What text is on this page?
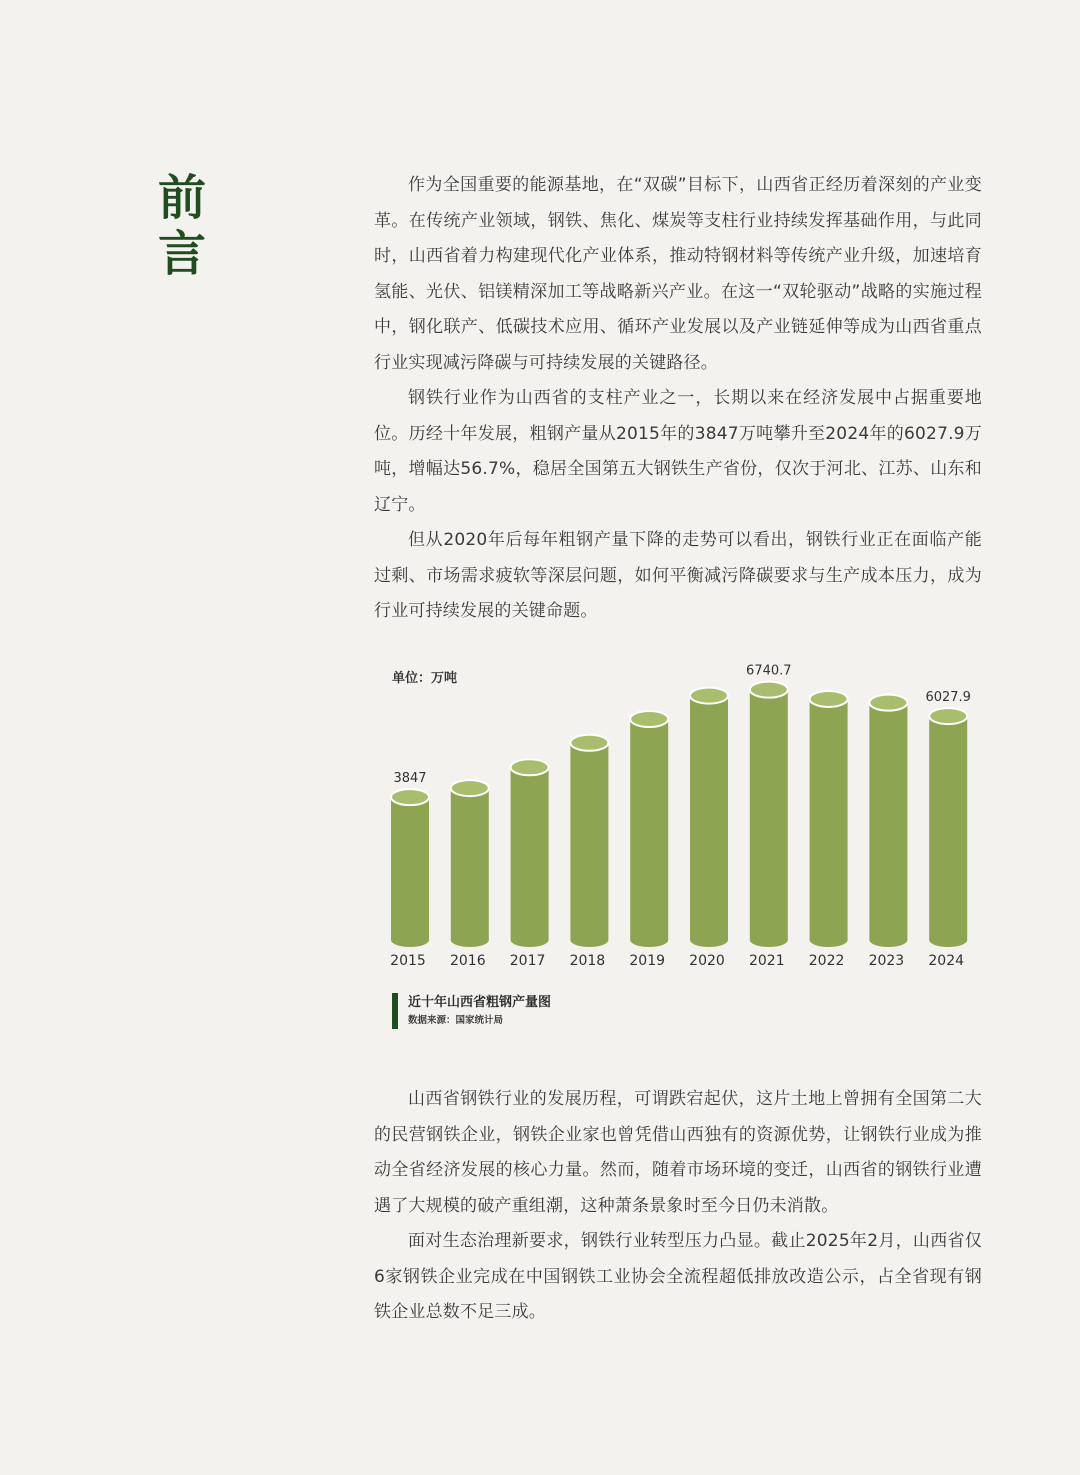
前
言

作为全国重要的能源基地，在“双碳”目标下，山西省正经历着深刻的产业变革。在传统产业领域，钢铁、焦化、煤炭等支柱行业持续发挥基础作用，与此同时，山西省着力构建现代化产业体系，推动特钢材料等传统产业升级，加速培育氢能、光伏、铝镁精深加工等战略新兴产业。在这一“双轮驱动”战略的实施过程中，钢化联产、低碳技术应用、循环产业发展以及产业链延伸等成为山西省重点行业实现减污降碳与可持续发展的关键路径。

钢铁行业作为山西省的支柱产业之一，长期以来在经济发展中占据重要地位。历经十年发展，粗钢产量从2015年的3847万吨攀升至2024年的6027.9万吨，增幅达56.7%，稳居全国第五大钢铁生产省份，仅次于河北、江苏、山东和辽宁。

但从2020年后每年粗钢产量下降的走势可以看出，钢铁行业正在面临产能过剩、市场需求疲软等深层问题，如何平衡减污降碳要求与生产成本压力，成为行业可持续发展的关键命题。

单位：万吨
2015
3847
2016 2017 2018 2019 2020 2021
6740.7
2022 2023 2024
6027.9
近十年山西省粗钢产量图
数据来源：国家统计局

山西省钢铁行业的发展历程，可谓跌宕起伏，这片土地上曾拥有全国第二大的民营钢铁企业，钢铁企业家也曾凭借山西独有的资源优势，让钢铁行业成为推动全省经济发展的核心力量。然而，随着市场环境的变迁，山西省的钢铁行业遭遇了大规模的破产重组潮，这种萧条景象时至今日仍未消散。

面对生态治理新要求，钢铁行业转型压力凸显。截止2025年2月，山西省仅6家钢铁企业完成在中国钢铁工业协会全流程超低排放改造公示，占全省现有钢铁企业总数不足三成。
